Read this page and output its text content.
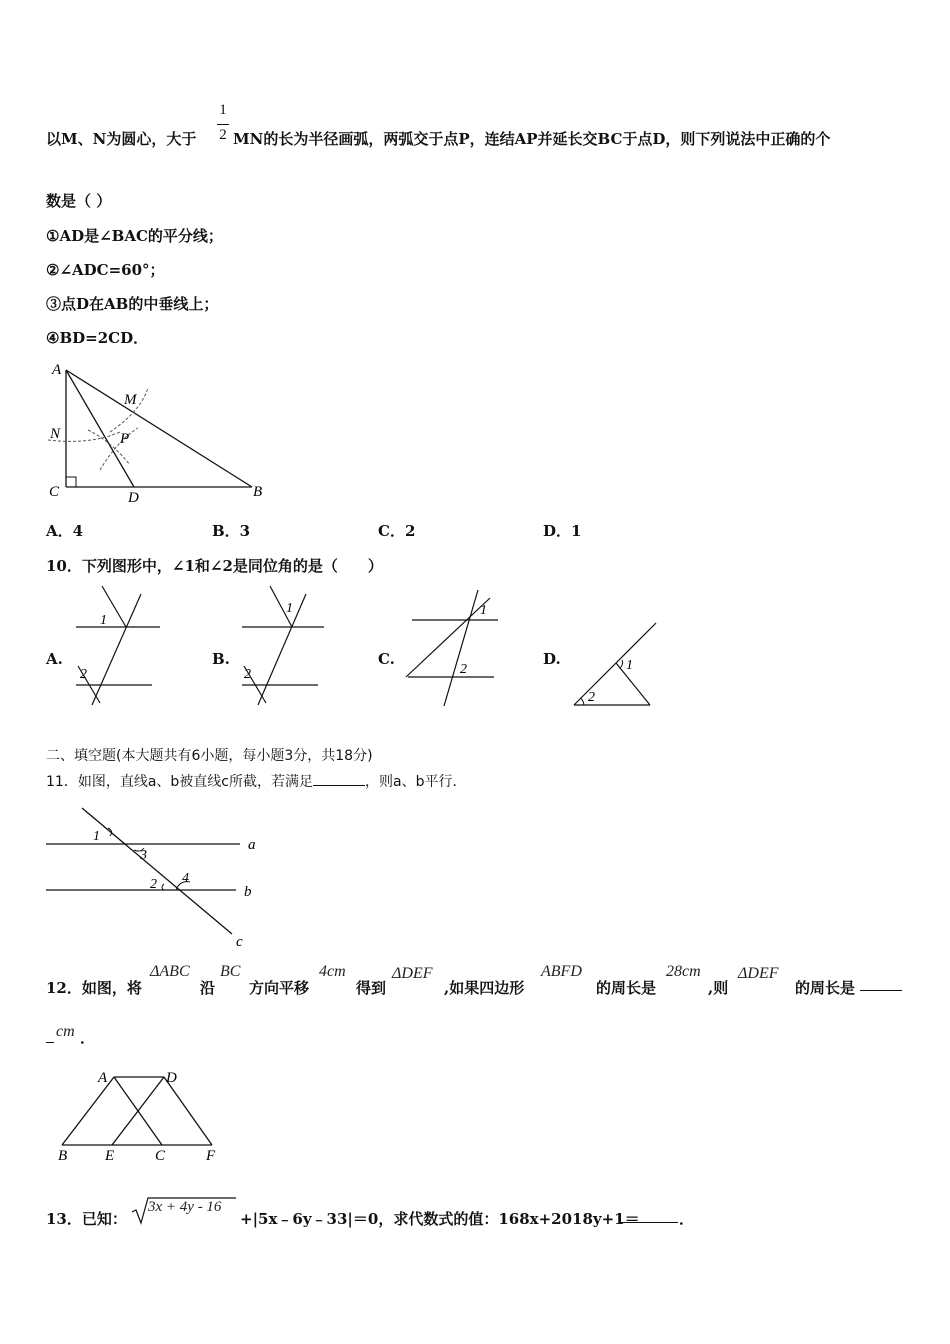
以M、N为圆心，大于
1
2 MN的长为半径画弧，两弧交于点P，连结AP并延长交BC于点D，则下列说法中正确的个
数是（ ）
①AD是∠BAC的平分线；
②∠ADC=60°；
③点D在AB的中垂线上；
④BD=2CD．
A
M
N	P
C	D	B
A．4	B．3	C．2	D．1
10．下列图形中，∠1和∠2是同位角的是（　　）
A.	B.	C.	D.
1
2
1
2
1
2	1
2
二、填空题(本大题共有6小题，每小题3分，共18分)
11．如图，直线a、b被直线c所截，若满足	，则a、b平行．
1
3
2 4
a
b
c
12．如图，将
ΔABC
沿
BC
方向平移
4cm
得到
ΔDEF
,如果四边形
ABFD
的周长是
28cm
,则
ΔDEF
的周长是
cm ．
A	D
B	E	C	F
13．已知：
3x + 4y - 16
+|5x﹣6y﹣33|＝0，求代数式的值：168x+2018y+1＝	．
